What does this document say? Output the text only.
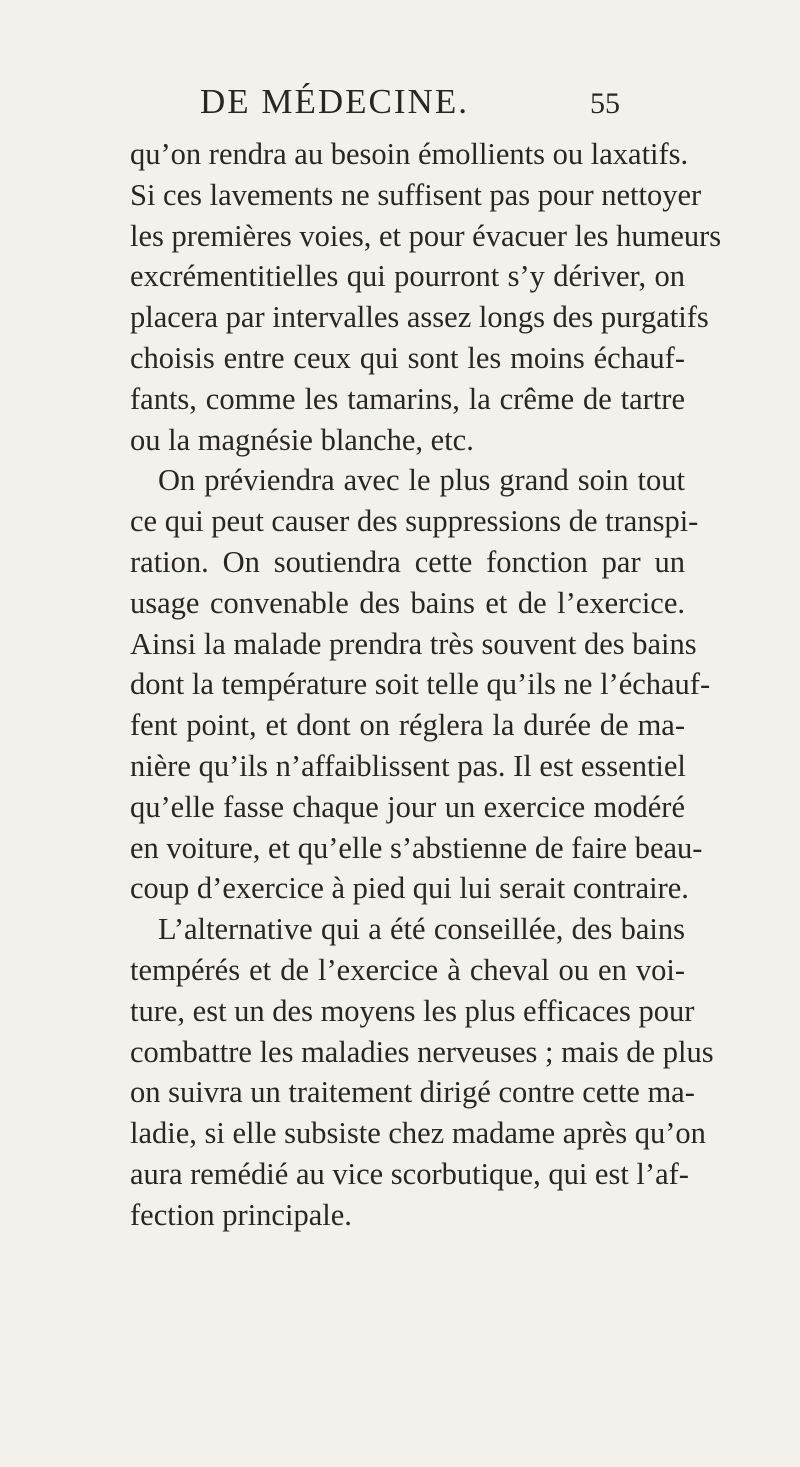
DE MÉDECINE.	55
qu’on rendra au besoin émollients ou laxatifs.
Si ces lavements ne suffisent pas pour nettoyer
les premières voies, et pour évacuer les humeurs
excrémentitielles qui pourront s’y dériver, on
placera par intervalles assez longs des purgatifs
choisis entre ceux qui sont les moins échauf-
fants, comme les tamarins, la crême de tartre
ou la magnésie blanche, etc.
On préviendra avec le plus grand soin tout
ce qui peut causer des suppressions de transpi-
ration. On soutiendra cette fonction par un
usage convenable des bains et de l’exercice.
Ainsi la malade prendra très souvent des bains
dont la température soit telle qu’ils ne l’échauf-
fent point, et dont on réglera la durée de ma-
nière qu’ils n’affaiblissent pas. Il est essentiel
qu’elle fasse chaque jour un exercice modéré
en voiture, et qu’elle s’abstienne de faire beau-
coup d’exercice à pied qui lui serait contraire.
L’alternative qui a été conseillée, des bains
tempérés et de l’exercice à cheval ou en voi-
ture, est un des moyens les plus efficaces pour
combattre les maladies nerveuses ; mais de plus
on suivra un traitement dirigé contre cette ma-
ladie, si elle subsiste chez madame après qu’on
aura remédié au vice scorbutique, qui est l’af-
fection principale.
